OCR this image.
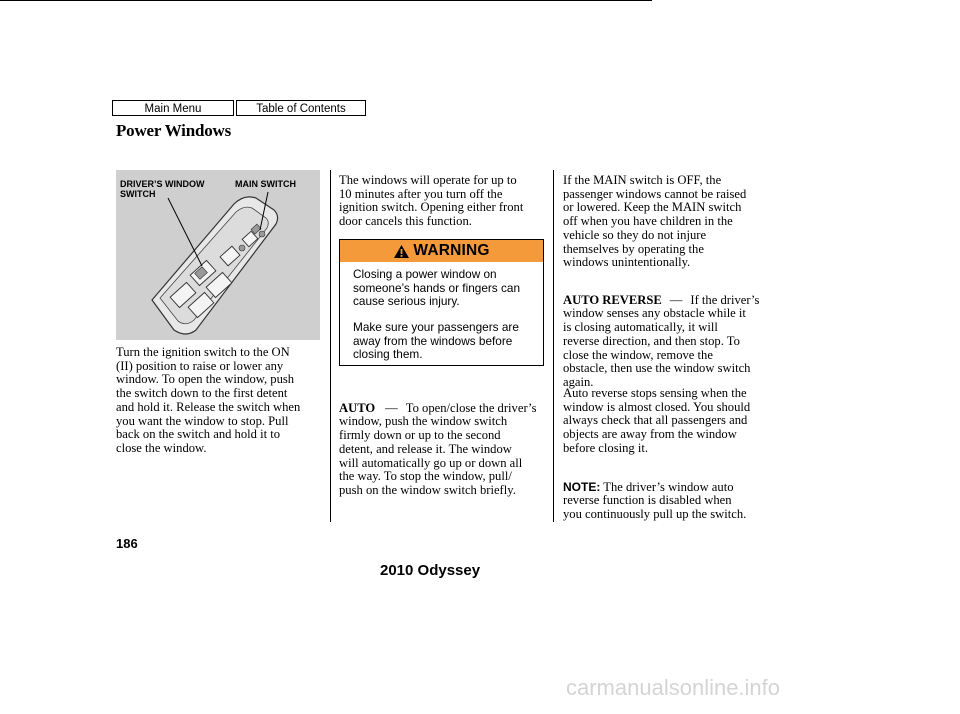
Main Menu	Table of Contents
Power Windows
DRIVER’S WINDOW
SWITCH
MAIN SWITCH
Turn the ignition switch to the ON
(II) position to raise or lower any
window. To open the window, push
the switch down to the first detent
and hold it. Release the switch when
you want the window to stop. Pull
back on the switch and hold it to
close the window.
The windows will operate for up to
10 minutes after you turn off the
ignition switch. Opening either front
door cancels this function.
WARNING
Closing a power window on
someone’s hands or fingers can
cause serious injury.
Make sure your passengers are
away from the windows before
closing them.

AUTO — To open/close the driver’s
window, push the window switch
firmly down or up to the second
detent, and release it. The window
will automatically go up or down all
the way. To stop the window, pull/
push on the window switch briefly.

If the MAIN switch is OFF, the
passenger windows cannot be raised
or lowered. Keep the MAIN switch
off when you have children in the
vehicle so they do not injure
themselves by operating the
windows unintentionally.

AUTO REVERSE — If the driver’s
window senses any obstacle while it
is closing automatically, it will
reverse direction, and then stop. To
close the window, remove the
obstacle, then use the window switch
again.

Auto reverse stops sensing when the
window is almost closed. You should
always check that all passengers and
objects are away from the window
before closing it.

NOTE: The driver’s window auto
reverse function is disabled when
you continuously pull up the switch.

186
2010 Odyssey
carmanualsonline.info
